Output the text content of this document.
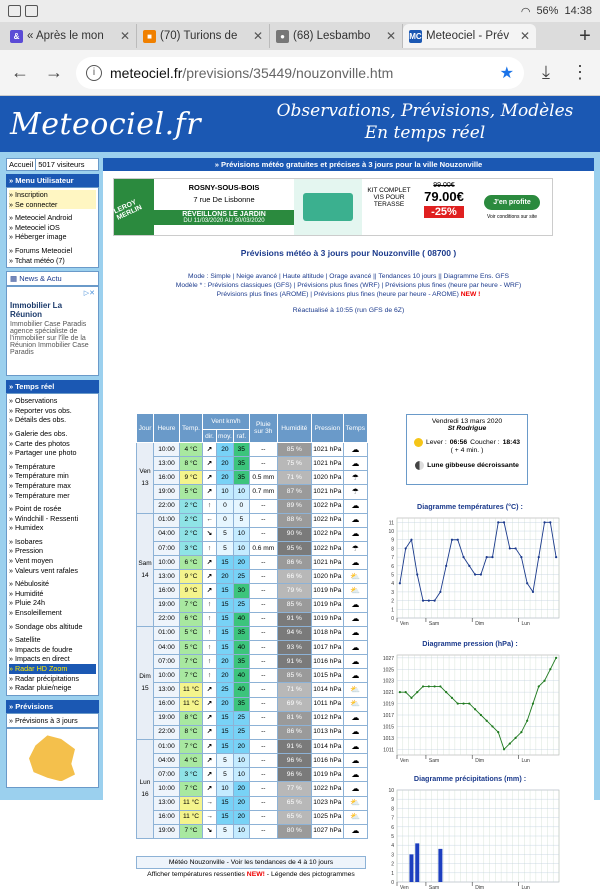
◠ 56% 14:38
& « Après le mon	✕	■ (70) Turions de	✕	● (68) Lesbambo	✕ MC Meteociel - Prév ✕	+
← →	i	meteociel.fr/previsions/35449/nouzonville.htm	★	⤓	⋮
Meteociel.fr	Observations, Prévisions, Modèles
En temps réel
Accueil 5017 visiteurs
» Menu Utilisateur
» Inscription
» Se connecter
» Meteociel Android
» Meteociel iOS
» Héberger image
» Forums Meteociel
» Tchat météo (7)
▦ News & Actu
▷✕
Immobilier La Réunion
Immobilier Case Paradis agence spécialiste de l'immobilier sur l'île de la Réunion Immobilier Case Paradis
» Temps réel
» Observations
» Reporter vos obs.
» Détails des obs.
» Galerie des obs.
» Carte des photos
» Partager une photo
» Température
» Température min
» Température max
» Température mer
» Point de rosée
» Windchill - Ressenti
» Humidex
» Isobares
» Pression
» Vent moyen
» Valeurs vent rafales
» Nébulosité
» Humidité
» Pluie 24h
» Ensoleillement
» Sondage obs altitude
» Satellite
» Impacts de foudre
» Impacts en direct
» Radar HD Zoom
» Radar précipitations
» Radar pluie/neige
» Prévisions
» Prévisions à 3 jours
» Prévisions météo gratuites et précises à 3 jours pour la ville Nouzonville
LEROY MERLIN
ROSNY-SOUS-BOIS
7 rue De Lisbonne
RÉVEILLONS LE JARDIN
DU 11/03/2020 AU 30/03/2020
KIT COMPLET VIS POUR TERASSE
99.00€
79.00€
-25%
J'en profite
Voir conditions sur site
Prévisions météo à 3 jours pour Nouzonville ( 08700 )
Mode : Simple | Neige avancé | Haute altitude | Orage avancé || Tendances 10 jours || Diagramme Ens. GFS
Modèle * : Prévisions classiques (GFS) | Prévisions plus fines (WRF) | Prévisions plus fines (heure par heure - WRF)
Prévisions plus fines (AROME) | Prévisions plus fines (heure par heure - AROME) NEW !
Réactualisé à 10:55 (run GFS de 6Z)
Jour	Heure	Temp.	Vent km/h			Pluie sur 3h	Humidité	Pression	Temps
			dir.	moy.	raf.				
Ven 13	10:00	4 °C	↗	20	35	--	85 %	1021 hPa	☁
	13:00	8 °C	↗	20	35	--	75 %	1021 hPa	☁
	16:00	9 °C	↗	20	35	0.5 mm	71 %	1020 hPa	☂
	19:00	5 °C	↗	10	10	0.7 mm	87 %	1021 hPa	☂
	22:00	2 °C	↑	0	0	--	89 %	1022 hPa	☁
Sam 14	01:00	2 °C	←	0	5	--	88 %	1022 hPa	☁
	04:00	2 °C	↘	5	10	--	90 %	1022 hPa	☁
	07:00	3 °C	↑	5	10	0.6 mm	95 %	1022 hPa	☂
	10:00	6 °C	↗	15	20	--	86 %	1021 hPa	☁
	13:00	9 °C	↗	20	25	--	66 %	1020 hPa	⛅
	16:00	9 °C	↗	15	30	--	79 %	1019 hPa	⛅
	19:00	7 °C	↑	15	25	--	85 %	1019 hPa	☁
	22:00	6 °C	↑	15	40	--	91 %	1019 hPa	☁
Dim 15	01:00	5 °C	↑	15	35	--	94 %	1018 hPa	☁
	04:00	5 °C	↑	15	40	--	93 %	1017 hPa	☁
	07:00	7 °C	↑	20	35	--	91 %	1016 hPa	☁
	10:00	7 °C	↑	20	40	--	85 %	1015 hPa	☁
	13:00	11 °C	↗	25	40	--	71 %	1014 hPa	⛅
	16:00	11 °C	↗	20	35	--	69 %	1011 hPa	⛅
	19:00	8 °C	↗	15	25	--	81 %	1012 hPa	☁
	22:00	8 °C	↗	15	25	--	86 %	1013 hPa	☁
Lun 16	01:00	7 °C	↗	15	20	--	91 %	1014 hPa	☁
	04:00	4 °C	↗	5	10	--	96 %	1016 hPa	☁
	07:00	3 °C	↗	5	10	--	96 %	1019 hPa	☁
	10:00	7 °C	↗	10	20	--	77 %	1022 hPa	☁
	13:00	11 °C	→	15	20	--	65 %	1023 hPa	⛅
	16:00	11 °C	→	15	20	--	65 %	1025 hPa	⛅
	19:00	7 °C	↘	5	10	--	80 %	1027 hPa	☁
Météo Nouzonville - Voir les tendances de 4 à 10 jours
Afficher températures ressenties NEW! - Légende des pictogrammes
Vendredi 13 mars 2020
St Rodrigue
Lever : 06:56 Coucher : 18:43
( + 4 min. )
Lune gibbeuse décroissante
Diagramme températures (°C) :
0
1
2
3
4
5
6
7
8
9
10
11
Ven	Sam	Dim	Lun
Diagramme pression (hPa) :
1011
1013
1015
1017
1019
1021
1023
1025
1027
Ven	Sam	Dim	Lun
Diagramme précipitations (mm) :
0
1
2
3
4
5
6
7
8
9
10
Ven	Sam	Dim	Lun
